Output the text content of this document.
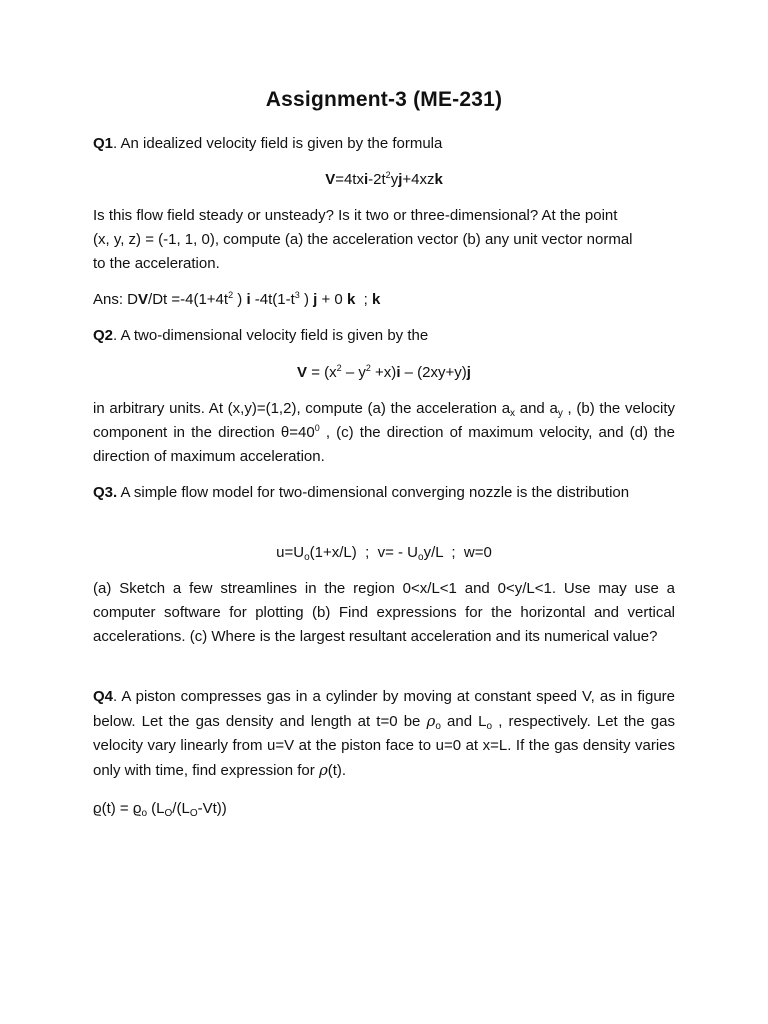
Assignment-3 (ME-231)

Q1. An idealized velocity field is given by the formula

$V=4txi-2t^2yj+4xzk$

Is this flow field steady or unsteady? Is it two or three-dimensional? At the point
(x, y, z) = (-1, 1, 0), compute (a) the acceleration vector (b) any unit vector normal
to the acceleration.

Ans: $DV/Dt =-4(1+4t^2$ ) i $-4t(1-t^3$ ) j + 0 k  ; k

Q2. A two-dimensional velocity field is given by the

$V = (x^2 - y^2 +x)i - (2xy+y)j$

in arbitrary units. At (x,y)=(1,2), compute (a) the acceleration $a_x$ and $a_y$ , (b) the velocity component in the direction $\theta=40^0$ , (c) the direction of maximum velocity, and (d) the direction of maximum acceleration.

Q3. A simple flow model for two-dimensional converging nozzle is the distribution

$u=U_o(1+x/L)$  ;  $v= - U_oy/L$  ;  w=0

(a) Sketch a few streamlines in the region 0<x/L<1 and 0<y/L<1. Use may use a computer software for plotting (b) Find expressions for the horizontal and vertical accelerations. (c) Where is the largest resultant acceleration and its numerical value?

Q4. A piston compresses gas in a cylinder by moving at constant speed V, as in figure below. Let the gas density and length at t=0 be $\rho_o$ and $L_o$ , respectively. Let the gas velocity vary linearly from u=V at the piston face to u=0 at x=L. If the gas density varies only with time, find expression for ρ(t).

$ϱ(t) = ϱ_o$ $(L_O/(L_O-Vt))$
